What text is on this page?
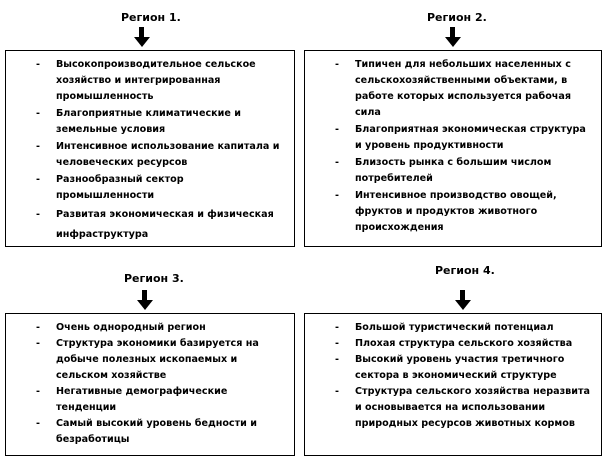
Регион 1.
- Высокопроизводительное сельское хозяйство и интегрированная промышленность
- Благоприятные климатические и земельные условия
- Интенсивное использование капитала и человеческих ресурсов
- Разнообразный сектор промышленности
- Развитая экономическая и физическая инфраструктура
Регион 2.
- Типичен для небольших населенных с сельскохозяйственными объектами, в работе которых используется рабочая сила
- Благоприятная экономическая структура и уровень продуктивности
- Близость рынка с большим числом потребителей
- Интенсивное производство овощей, фруктов и продуктов животного происхождения
Регион 3.
- Очень однородный регион
- Структура экономики базируется на добыче полезных ископаемых и сельском хозяйстве
- Негативные демографические тенденции
- Самый высокий уровень бедности и безработицы
Регион 4.
- Большой туристический потенциал
- Плохая структура сельского хозяйства
- Высокий уровень участия третичного сектора в экономический структуре
- Структура сельского хозяйства неразвита и основывается на использовании природных ресурсов животных кормов
